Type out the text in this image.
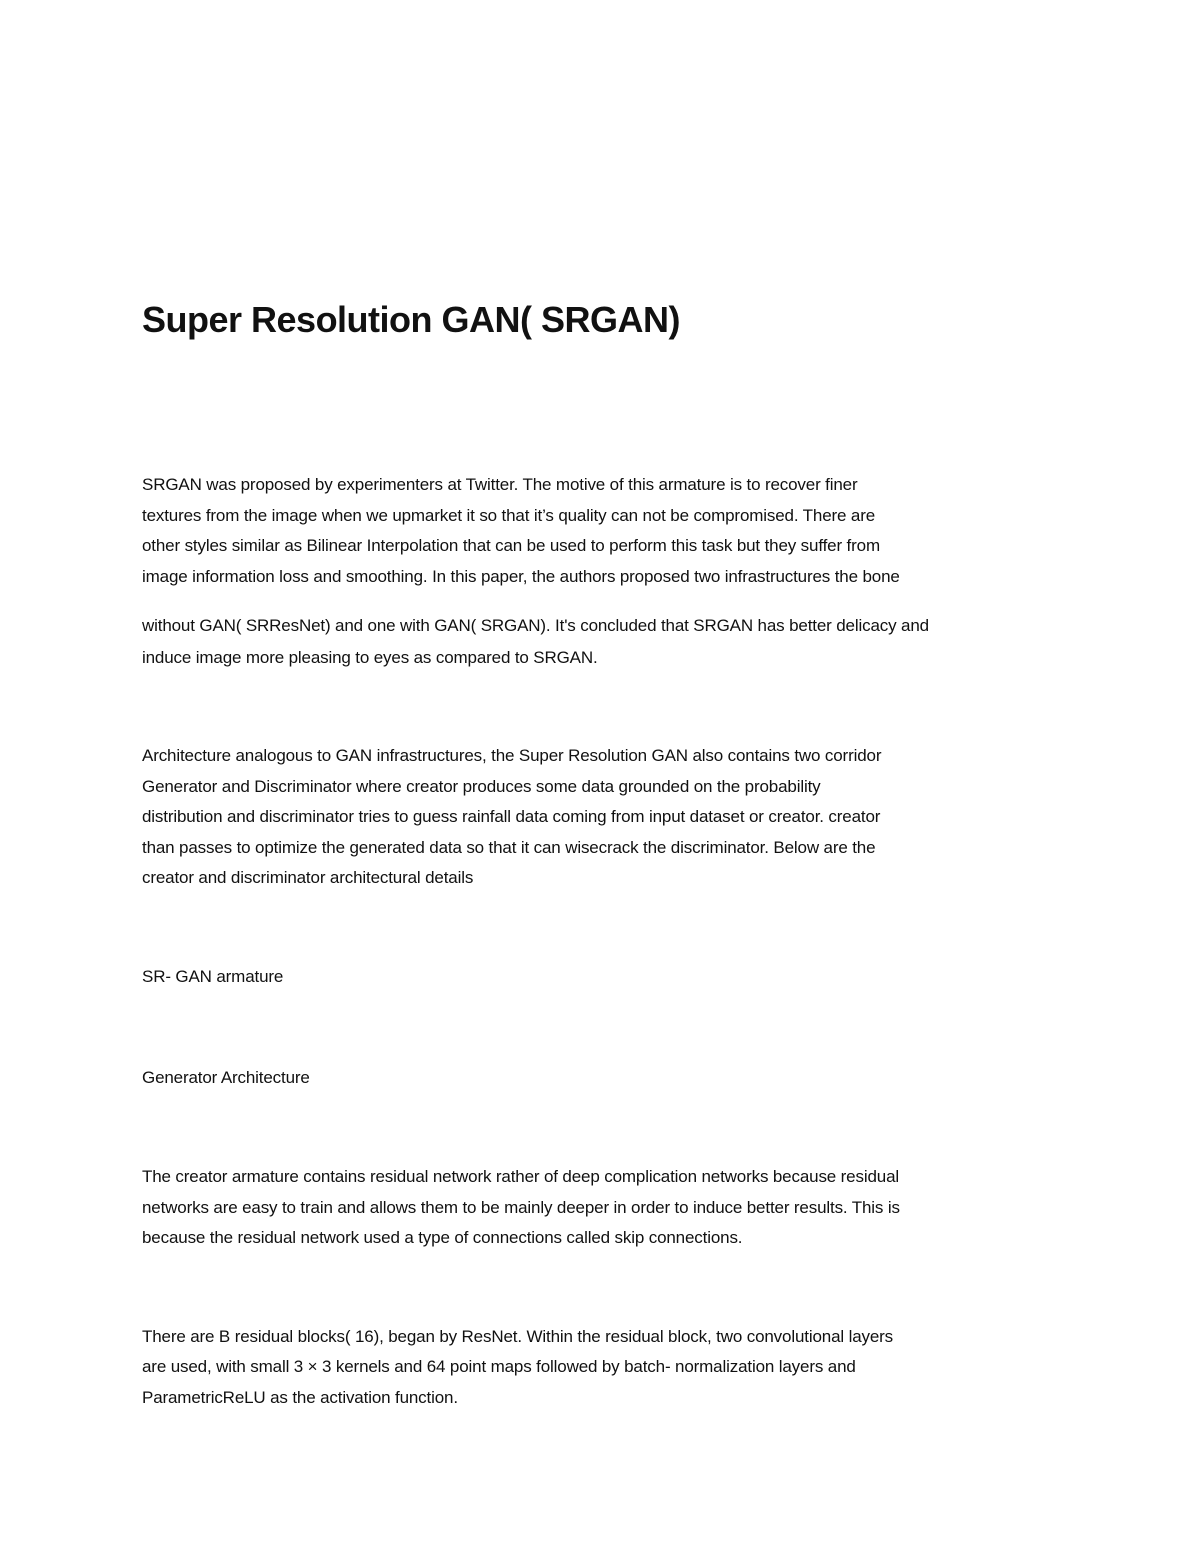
Super Resolution GAN( SRGAN)

SRGAN was proposed by experimenters at Twitter. The motive of this armature is to recover finer

textures from the image when we upmarket it so that it’s quality can not be compromised. There are

other styles similar as Bilinear Interpolation that can be used to perform this task but they suffer from

image information loss and smoothing. In this paper, the authors proposed two infrastructures the bone

without GAN( SRResNet) and one with GAN( SRGAN). It's concluded that SRGAN has better delicacy and

induce image more pleasing to eyes as compared to SRGAN.

Architecture analogous to GAN infrastructures, the Super Resolution GAN also contains two corridor

Generator and Discriminator where creator produces some data grounded on the probability

distribution and discriminator tries to guess rainfall data coming from input dataset or creator. creator

than passes to optimize the generated data so that it can wisecrack the discriminator. Below are the

creator and discriminator architectural details

SR- GAN armature

Generator Architecture

The creator armature contains residual network rather of deep complication networks because residual

networks are easy to train and allows them to be mainly deeper in order to induce better results. This is

because the residual network used a type of connections called skip connections.

There are B residual blocks( 16), began by ResNet. Within the residual block, two convolutional layers

are used, with small 3 × 3 kernels and 64 point maps followed by batch- normalization layers and

ParametricReLU as the activation function.
